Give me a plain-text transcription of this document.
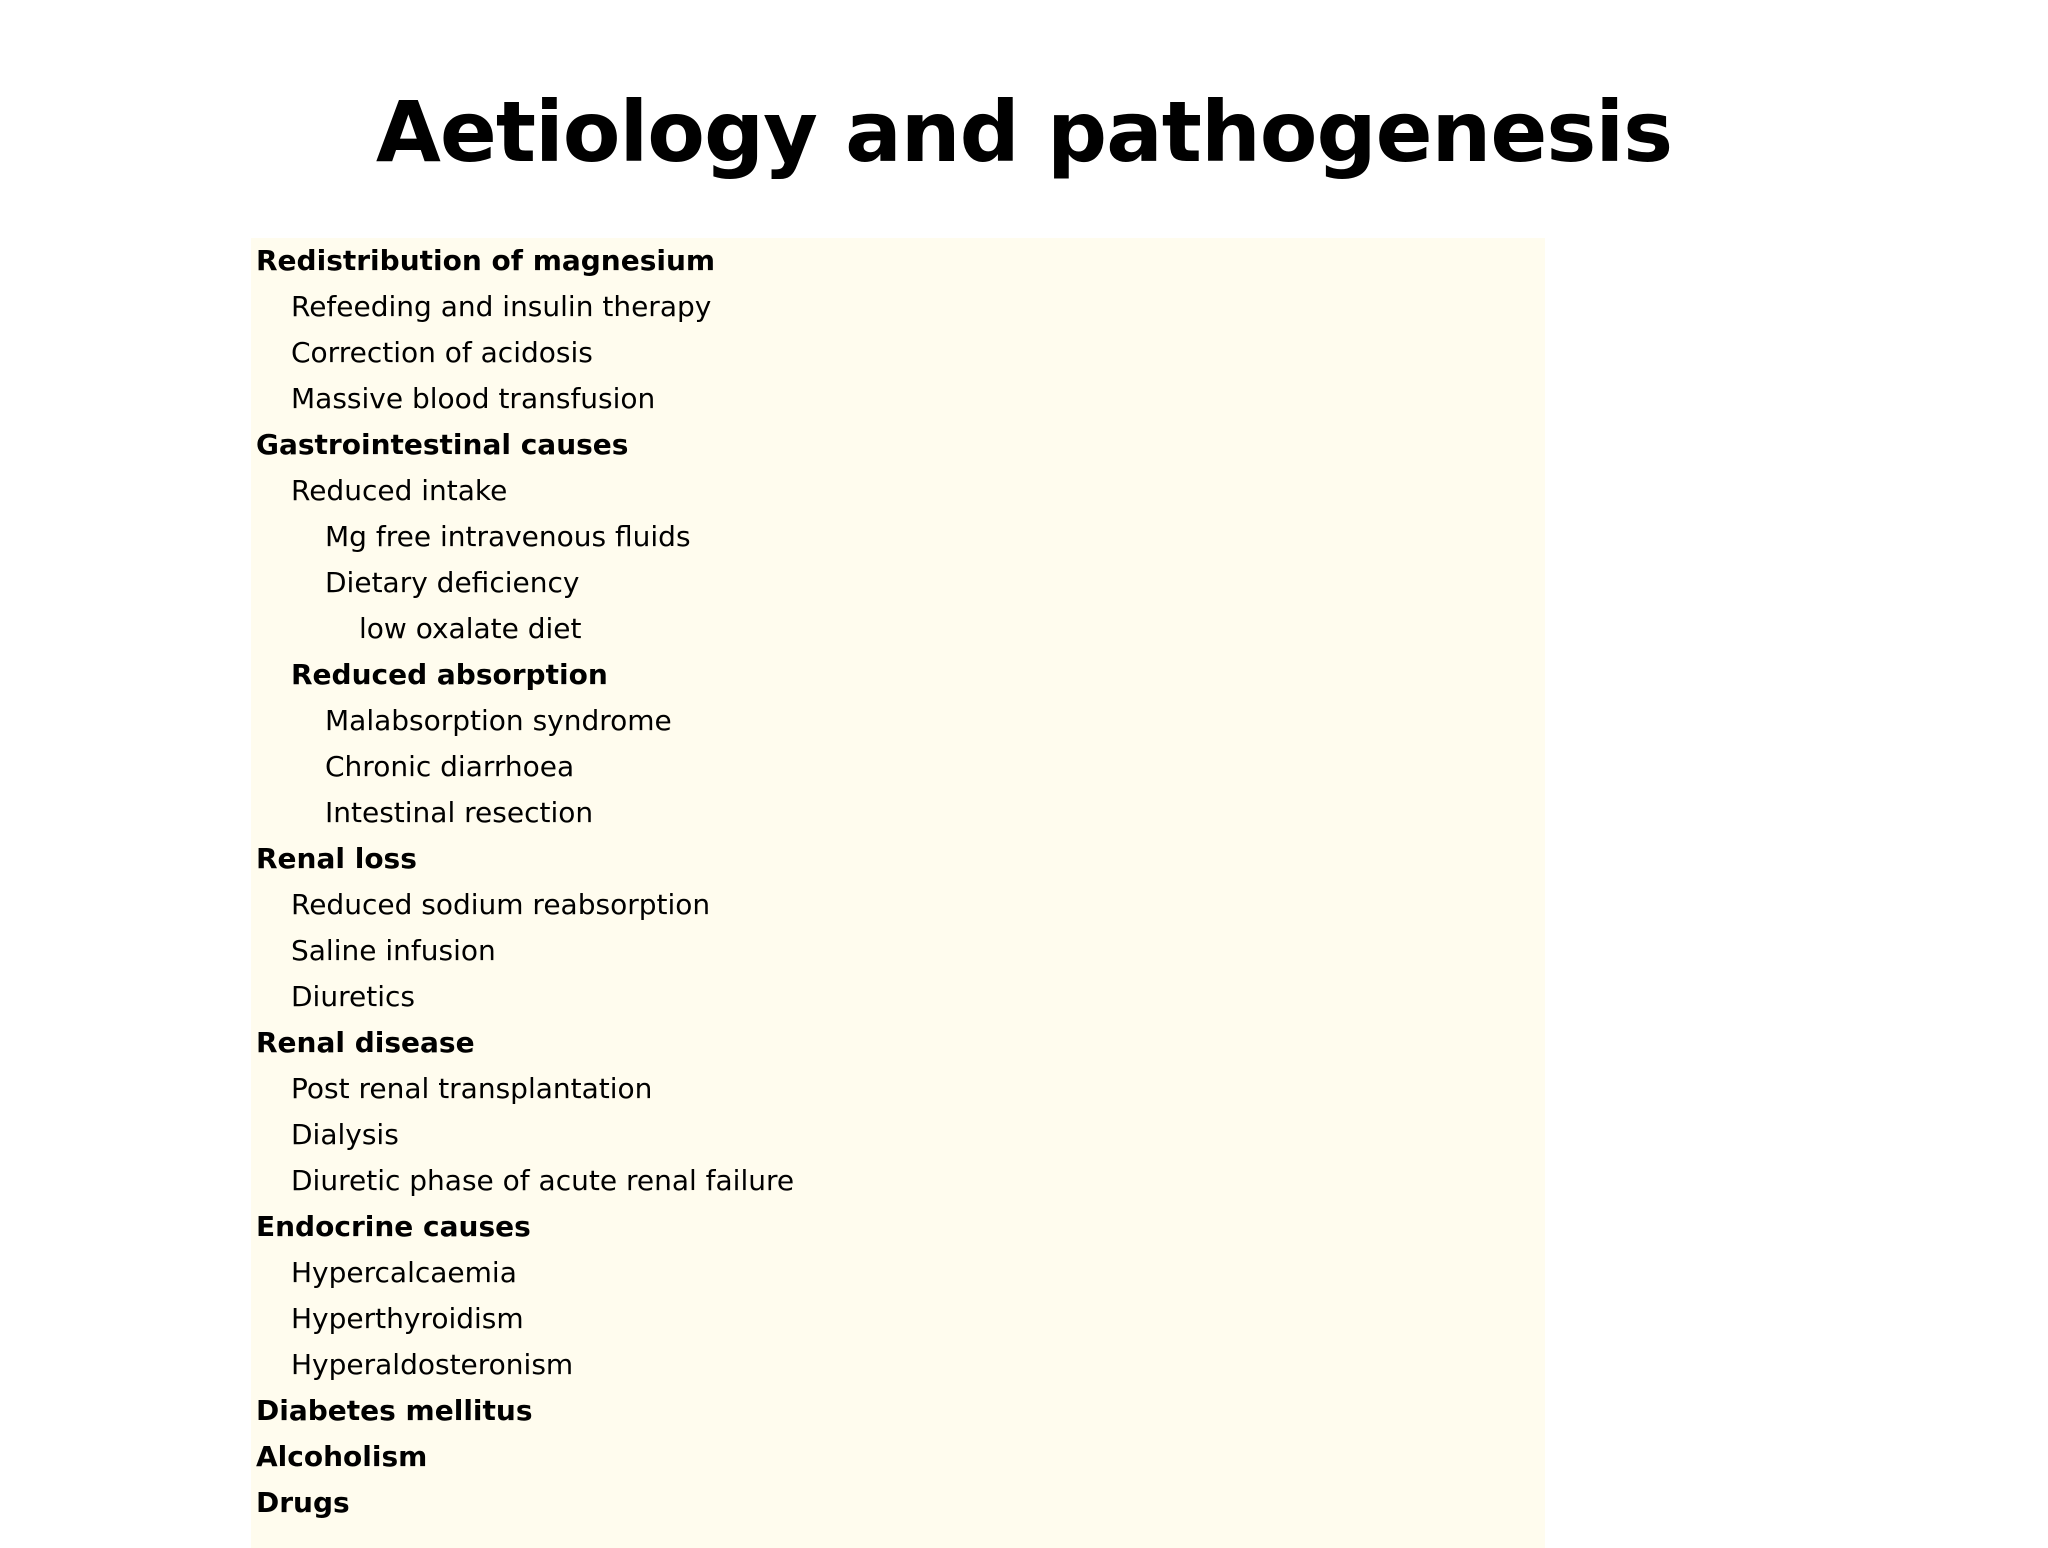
Aetiology and pathogenesis
Redistribution of magnesium
Refeeding and insulin therapy
Correction of acidosis
Massive blood transfusion
Gastrointestinal causes
Reduced intake
Mg free intravenous fluids
Dietary deficiency
low oxalate diet
Reduced absorption
Malabsorption syndrome
Chronic diarrhoea
Intestinal resection
Renal loss
Reduced sodium reabsorption
Saline infusion
Diuretics
Renal disease
Post renal transplantation
Dialysis
Diuretic phase of acute renal failure
Endocrine causes
Hypercalcaemia
Hyperthyroidism
Hyperaldosteronism
Diabetes mellitus
Alcoholism
Drugs
